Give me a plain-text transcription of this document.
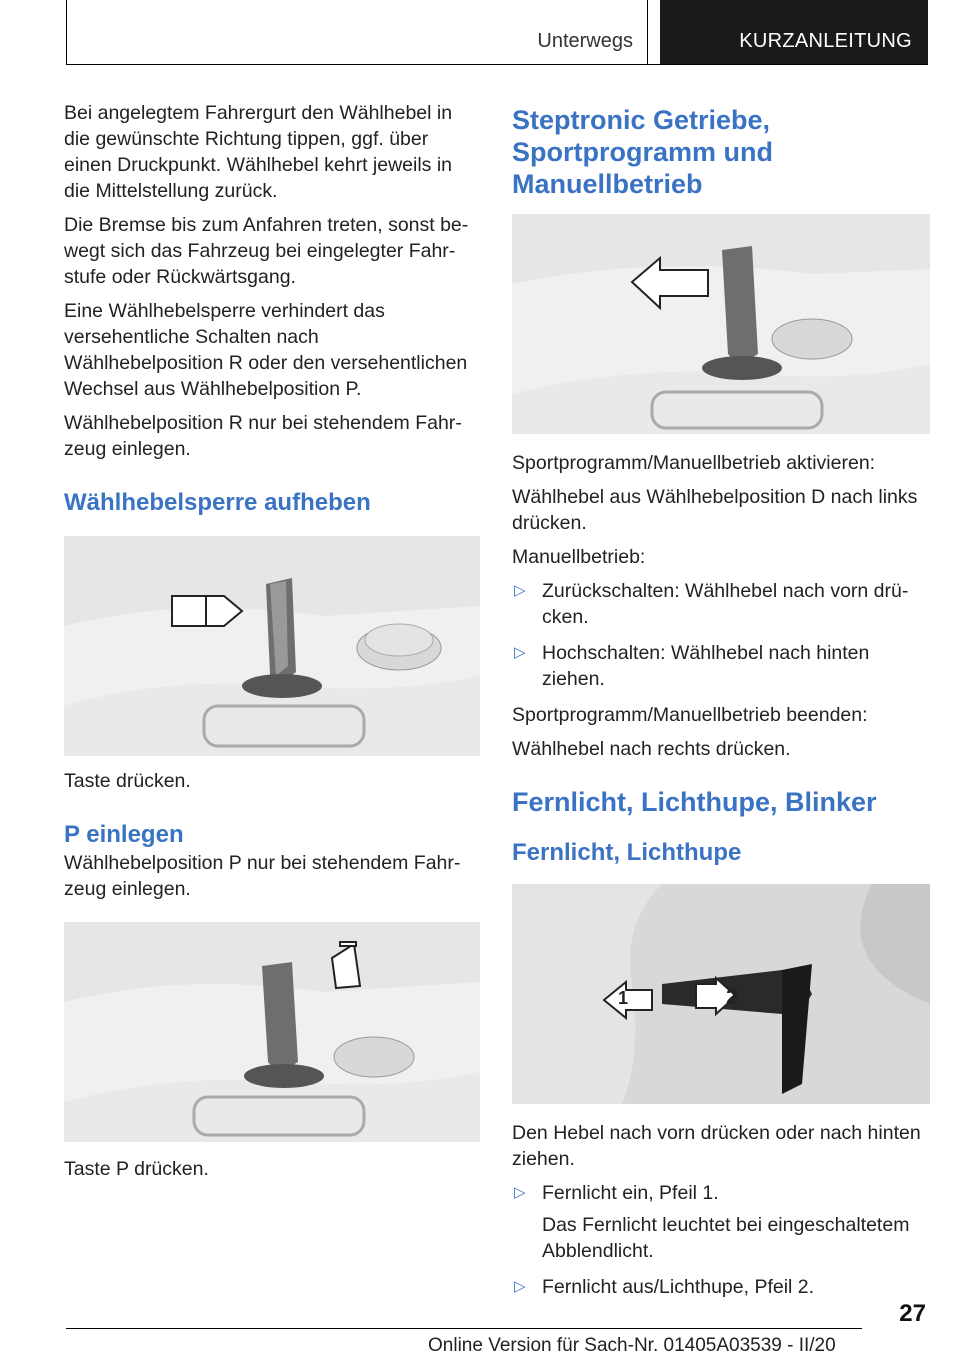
Unterwegs	KURZANLEITUNG

Bei angelegtem Fahrergurt den Wählhebel in die gewünschte Richtung tippen, ggf. über einen Druckpunkt. Wählhebel kehrt jeweils in die Mittelstellung zurück.

Die Bremse bis zum Anfahren treten, sonst bewegt sich das Fahrzeug bei eingelegter Fahrstufe oder Rückwärtsgang.

Eine Wählhebelsperre verhindert das versehentliche Schalten nach Wählhebelposition R oder den versehentlichen Wechsel aus Wählhebelposition P.

Wählhebelposition R nur bei stehendem Fahrzeug einlegen.

Wählhebelsperre aufheben

Taste drücken.

P einlegen

Wählhebelposition P nur bei stehendem Fahrzeug einlegen.

Taste P drücken.

Steptronic Getriebe, Sportprogramm und Manuellbetrieb

Sportprogramm/Manuellbetrieb aktivieren:

Wählhebel aus Wählhebelposition D nach links drücken.

Manuellbetrieb:

▷ Zurückschalten: Wählhebel nach vorn drücken.
▷ Hochschalten: Wählhebel nach hinten ziehen.

Sportprogramm/Manuellbetrieb beenden:

Wählhebel nach rechts drücken.

Fernlicht, Lichthupe, Blinker
Fernlicht, Lichthupe
1	2

Den Hebel nach vorn drücken oder nach hinten ziehen.

▷ Fernlicht ein, Pfeil 1.

Das Fernlicht leuchtet bei eingeschaltetem Abblendlicht.

▷ Fernlicht aus/Lichthupe, Pfeil 2.
27
Online Version für Sach-Nr. 01405A03539 - II/20
